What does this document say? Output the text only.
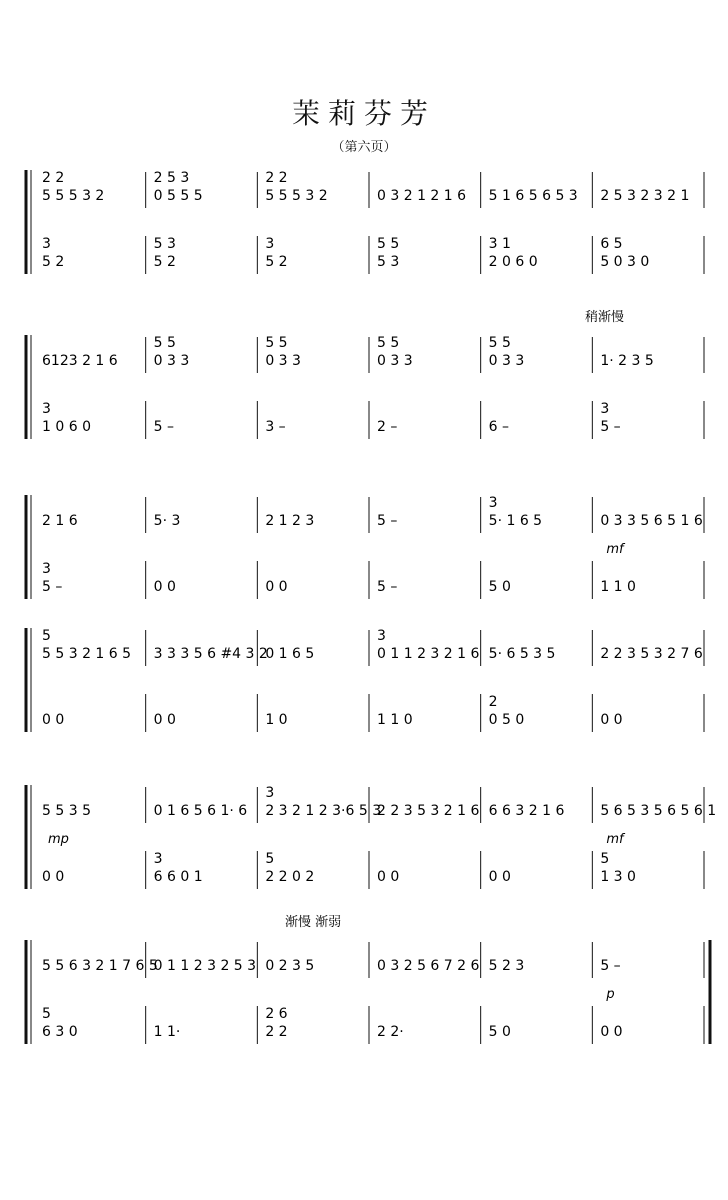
茉莉芬芳
（第六页）
2 2
5 5 5 3 2
3
5 2
2 5 3
0 5 5 5
5 3
5 2
2 2
5 5 5 3 2
3
5 2
0 3 2 1 2 1 6
5 5
5 3
5 1 6 5 6 5 3
3 1
2 0 6 0
2 5 3 2 3 2 1
6 5
5 0 3 0
稍渐慢
6123 2 1 6
3
1 0 6 0
5 5
0 3 3
5 –
5 5
0 3 3
3 –
5 5
0 3 3
2 –
5 5
0 3 3
6 –
1· 2 3 5
3
5 –
2 1 6
3
5 –
5· 3
0 0
2 1 2 3
0 0
5 –
5 –
3
5· 1 6 5
5 0
0 3 3 5 6 5 1 6
1 1 0
mf
5
5 5 3 2 1 6 5
0 0
3 3 3 5 6 #4 3 2
0 0
0 1 6 5
1 0
3
0 1 1 2 3 2 1 6
1 1 0
5· 6 5 3 5
2
0 5 0
2 2 3 5 3 2 7 6
0 0
5 5 3 5
0 0
0 1 6 5 6 1· 6
3
6 6 0 1
3
2 3 2 1 2 3·6 5 3
5
2 2 0 2
2 2 3 5 3 2 1 6
0 0
6 6 3 2 1 6
0 0
5 6 5 3 5 6 5 6 1
5
1 3 0
mp	mf
渐慢 渐弱
5 5 6 3 2 1 7 6 5
5
6 3 0
0 1 1 2 3 2 5 3
1 1·
0 2 3 5
2 6
2 2
0 3 2 5 6 7 2 6
2 2·
5 2 3
5 0
5 –
0 0
p
